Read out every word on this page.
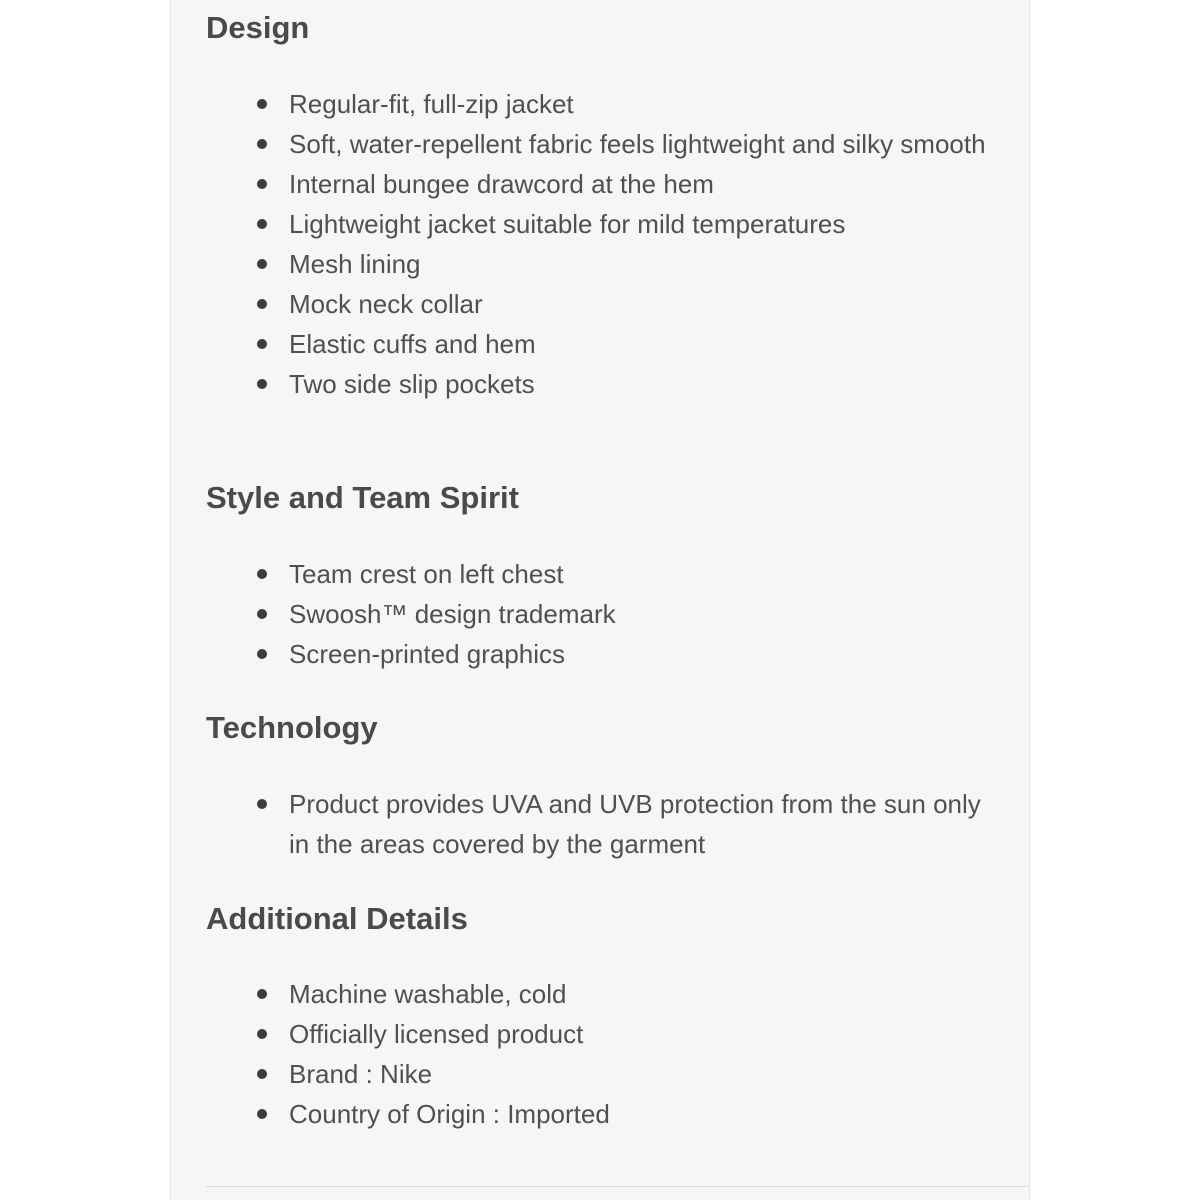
Design
Regular-fit, full-zip jacket
Soft, water-repellent fabric feels lightweight and silky smooth
Internal bungee drawcord at the hem
Lightweight jacket suitable for mild temperatures
Mesh lining
Mock neck collar
Elastic cuffs and hem
Two side slip pockets
Style and Team Spirit
Team crest on left chest
Swoosh™ design trademark
Screen-printed graphics
Technology
Product provides UVA and UVB protection from the sun only in the areas covered by the garment
Additional Details
Machine washable, cold
Officially licensed product
Brand : Nike
Country of Origin : Imported
